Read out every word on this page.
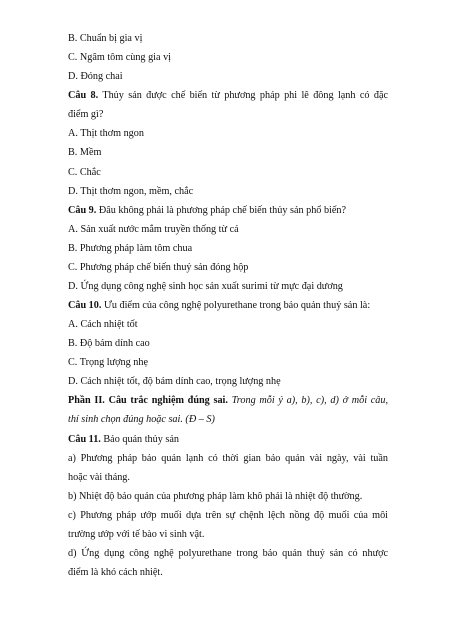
B. Chuẩn bị gia vị
C. Ngâm tôm cùng gia vị
D. Đóng chai
Câu 8. Thủy sản được chế biến từ phương pháp phi lê đông lạnh có đặc
điểm gì?
A. Thịt thơm ngon
B. Mềm
C. Chắc
D. Thịt thơm ngon, mềm, chắc
Câu 9. Đâu không phải là phương pháp chế biến thủy sản phổ biến?
A. Sản xuất nước mắm truyền thống từ cá
B. Phương pháp làm tôm chua
C. Phương pháp chế biến thuỷ sản đóng hộp
D. Ứng dụng công nghệ sinh học sản xuất surimi từ mực đại dương
Câu 10. Ưu điểm của công nghệ polyurethane trong bảo quản thuỷ sản là:
A. Cách nhiệt tốt
B. Độ bám dính cao
C. Trọng lượng nhẹ
D. Cách nhiệt tốt, độ bám dính cao, trọng lượng nhẹ
Phần II. Câu trắc nghiệm đúng sai. Trong mỗi ý a), b), c), d) ở mỗi câu,
thí sinh chọn đúng hoặc sai. (Đ – S)
Câu 11. Bảo quản thủy sản
a) Phương pháp bảo quản lạnh có thời gian bảo quản vài ngày, vài tuần
hoặc vài tháng.
b) Nhiệt độ bảo quản của phương pháp làm khô phải là nhiệt độ thường.
c) Phương pháp ướp muối dựa trên sự chệnh lệch nồng độ muối của môi
trường ướp với tế bào vi sinh vật.
d) Ứng dụng công nghệ polyurethane trong bảo quản thuỷ sản có nhược
điểm là khó cách nhiệt.
